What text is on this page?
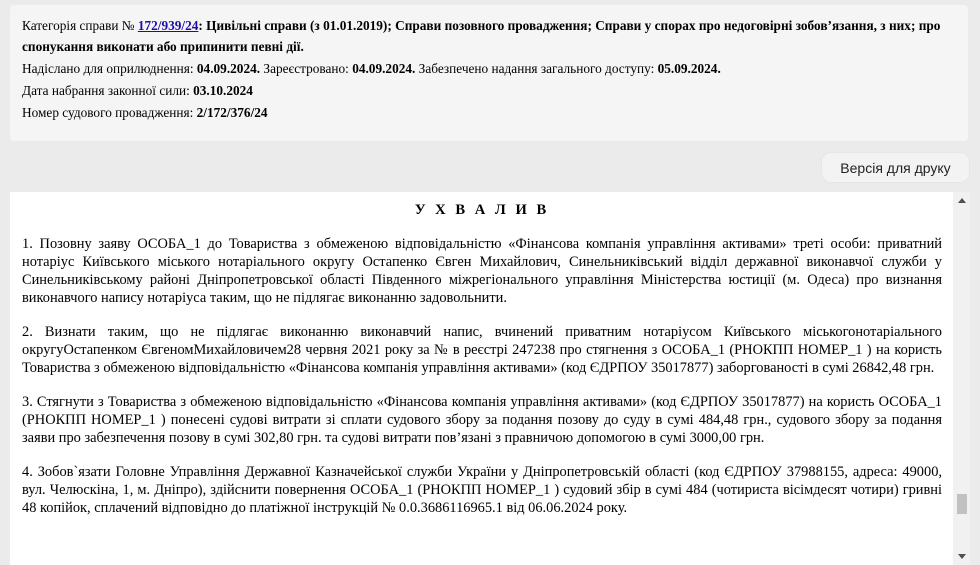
Категорія справи № 172/939/24: Цивільні справи (з 01.01.2019); Справи позовного провадження; Справи у спорах про недоговірні зобов’язання, з них; про спонукання виконати або припинити певні дії.
Надіслано для оприлюднення: 04.09.2024. Зареєстровано: 04.09.2024. Забезпечено надання загального доступу: 05.09.2024.
Дата набрання законної сили: 03.10.2024
Номер судового провадження: 2/172/376/24
Версія для друку
У Х В А Л И В

1. Позовну заяву ОСОБА_1 до Товариства з обмеженою відповідальністю «Фінансова компанія управління активами» треті особи: приватний нотаріус Київського міського нотаріального округу Остапенко Євген Михайлович, Синельниківський відділ державної виконавчої служби у Синельниківському районі Дніпропетровської області Південного міжрегіонального управління Міністерства юстиції (м. Одеса) про визнання виконавчого напису нотаріуса таким, що не підлягає виконанню задовольнити.

2. Визнати таким, що не підлягає виконанню виконавчий напис, вчинений приватним нотаріусом Київського міськогонотаріального округуОстапенком ЄвгеномМихайловичем28 червня 2021 року за № в реєстрі 247238 про стягнення з ОСОБА_1 (РНОКПП НОМЕР_1 ) на користь Товариства з обмеженою відповідальністю «Фінансова компанія управління активами» (код ЄДРПОУ 35017877) заборгованості в сумі 26842,48 грн.

3. Стягнути з Товариства з обмеженою відповідальністю «Фінансова компанія управління активами» (код ЄДРПОУ 35017877) на користь ОСОБА_1 (РНОКПП НОМЕР_1 ) понесені судові витрати зі сплати судового збору за подання позову до суду в сумі 484,48 грн., судового збору за подання заяви про забезпечення позову в сумі 302,80 грн. та судові витрати пов’язані з правничою допомогою в сумі 3000,00 грн.

4. Зобов`язати Головне Управління Державної Казначейської служби України у Дніпропетровській області (код ЄДРПОУ 37988155, адреса: 49000, вул. Челюскіна, 1, м. Дніпро), здійснити повернення ОСОБА_1 (РНОКПП НОМЕР_1 ) судовий збір в сумі 484 (чотириста вісімдесят чотири) гривні 48 копійок, сплачений відповідно до платіжної інструкцій № 0.0.3686116965.1 від 06.06.2024 року.
